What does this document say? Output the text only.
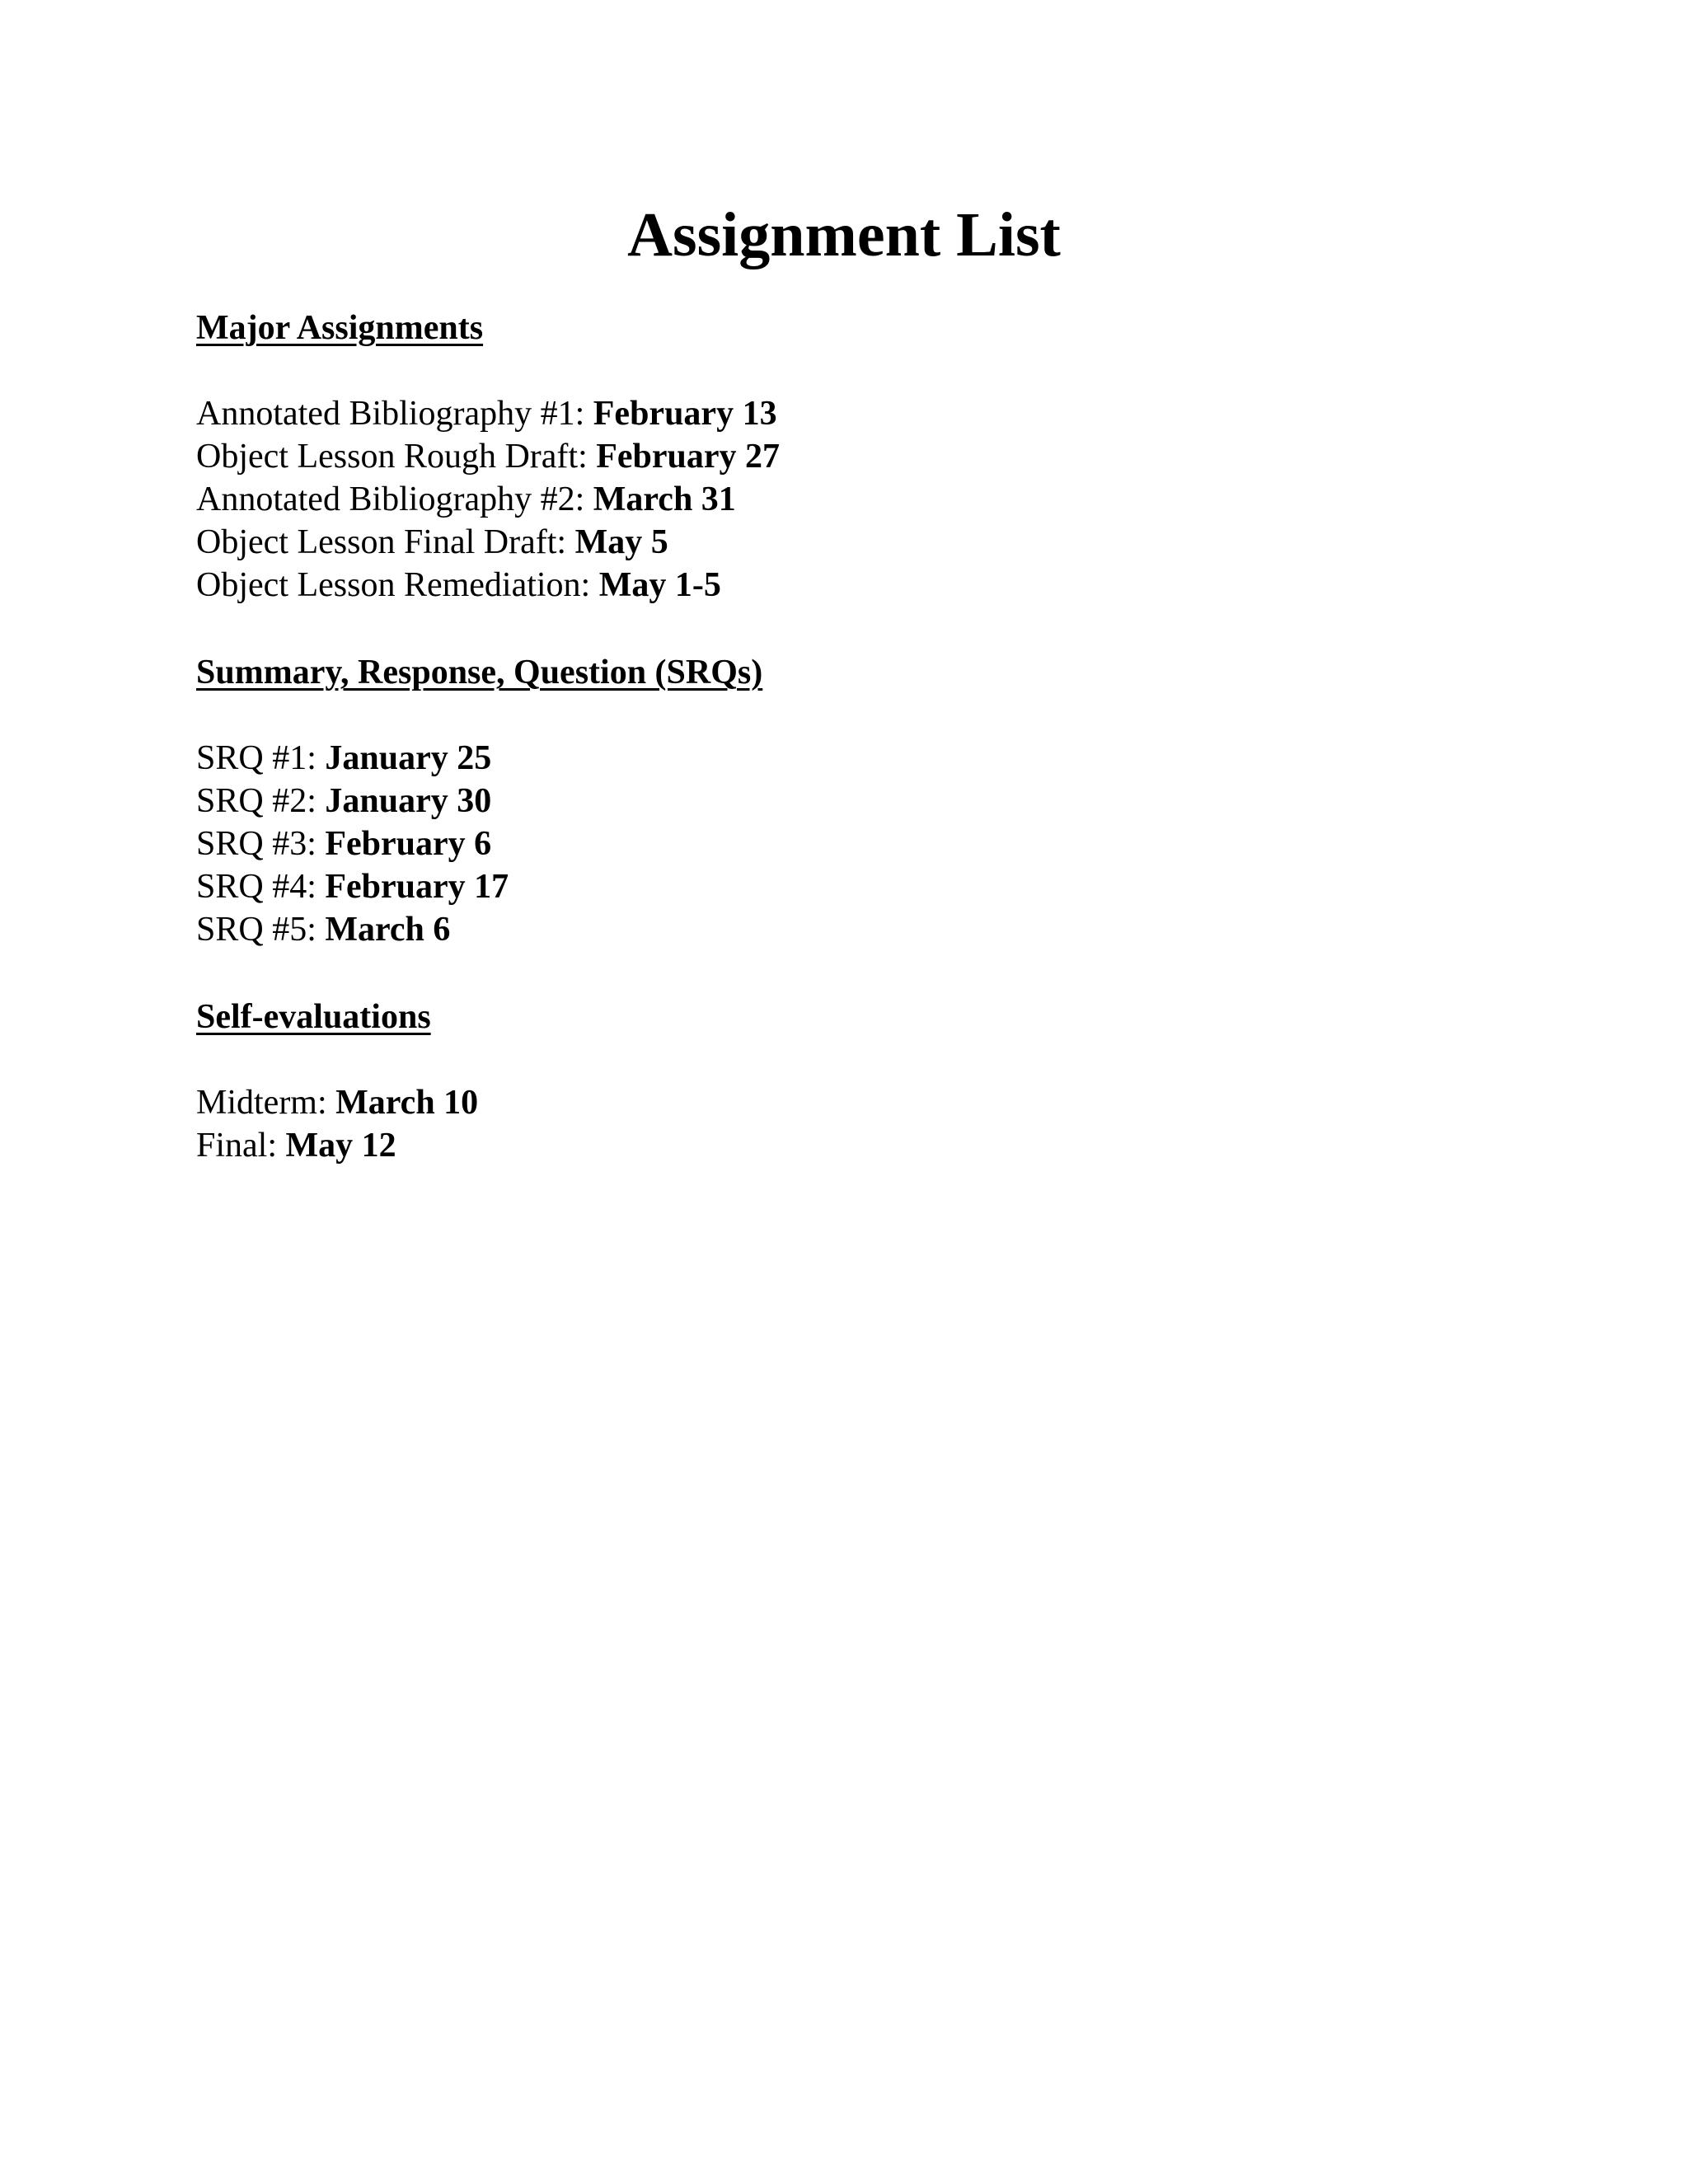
Assignment List
Major Assignments
Annotated Bibliography #1: February 13
Object Lesson Rough Draft: February 27
Annotated Bibliography #2: March 31
Object Lesson Final Draft: May 5
Object Lesson Remediation: May 1-5
Summary, Response, Question (SRQs)
SRQ #1: January 25
SRQ #2: January 30
SRQ #3: February 6
SRQ #4: February 17
SRQ #5: March 6
Self-evaluations
Midterm: March 10
Final: May 12
